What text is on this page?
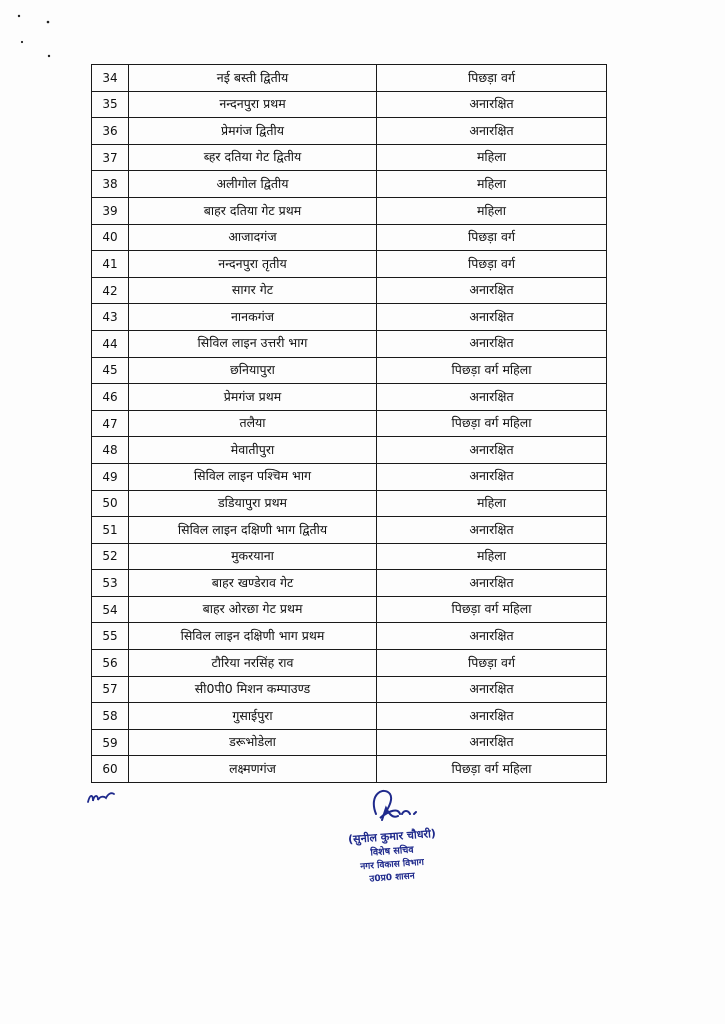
34	नई बस्ती द्वितीय	पिछड़ा वर्ग
35	नन्दनपुरा प्रथम	अनारक्षित
36	प्रेमगंज द्वितीय	अनारक्षित
37	ब्हर दतिया गेट द्वितीय	महिला
38	अलीगोल द्वितीय	महिला
39	बाहर दतिया गेट प्रथम	महिला
40	आजादगंज	पिछड़ा वर्ग
41	नन्दनपुरा तृतीय	पिछड़ा वर्ग
42	सागर गेट	अनारक्षित
43	नानकगंज	अनारक्षित
44	सिविल लाइन उत्तरी भाग	अनारक्षित
45	छनियापुरा	पिछड़ा वर्ग महिला
46	प्रेमगंज प्रथम	अनारक्षित
47	तलैया	पिछड़ा वर्ग महिला
48	मेवातीपुरा	अनारक्षित
49	सिविल लाइन पश्चिम भाग	अनारक्षित
50	डडियापुरा प्रथम	महिला
51	सिविल लाइन दक्षिणी भाग द्वितीय	अनारक्षित
52	मुकरयाना	महिला
53	बाहर खण्डेराव गेट	अनारक्षित
54	बाहर ओरछा गेट प्रथम	पिछड़ा वर्ग महिला
55	सिविल लाइन दक्षिणी भाग प्रथम	अनारक्षित
56	टौरिया नरसिंह राव	पिछड़ा वर्ग
57	सी0पी0 मिशन कम्पाउण्ड	अनारक्षित
58	गुसाईपुरा	अनारक्षित
59	डरूभोडेला	अनारक्षित
60	लक्ष्मणगंज	पिछड़ा वर्ग महिला
(सुनील कुमार चौधरी)
विशेष सचिव
नगर विकास विभाग
उ0प्र0 शासन
